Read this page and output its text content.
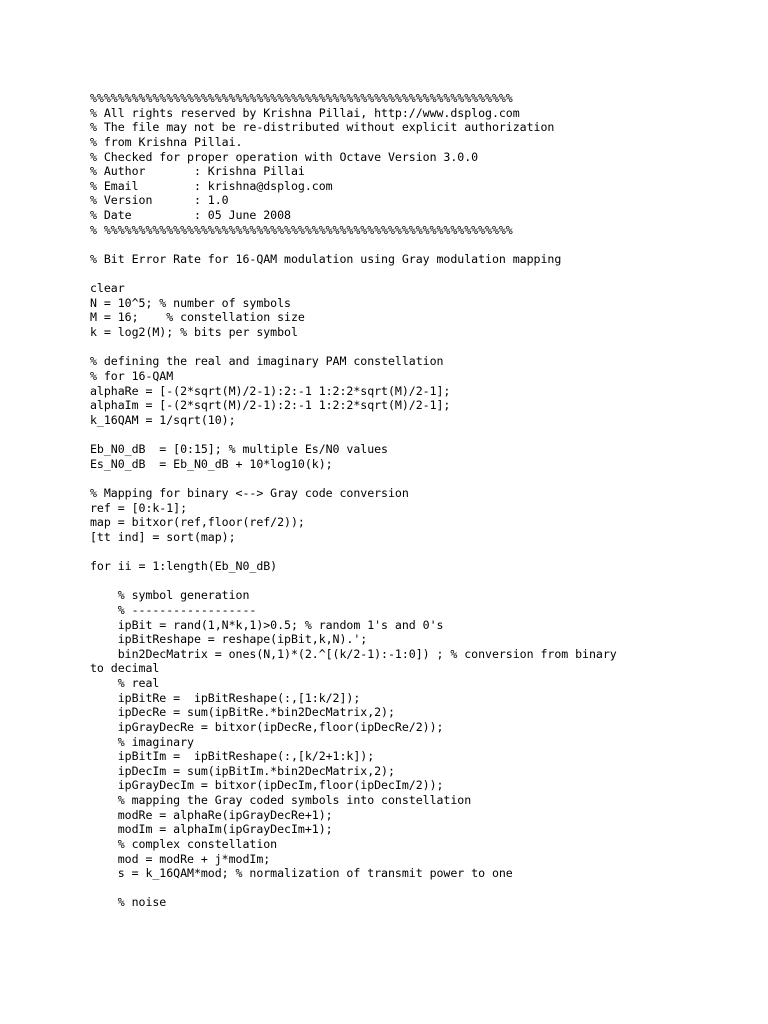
%%%%%%%%%%%%%%%%%%%%%%%%%%%%%%%%%%%%%%%%%%%%%%%%%%%%%%%%%%%%%
% All rights reserved by Krishna Pillai, http://www.dsplog.com
% The file may not be re-distributed without explicit authorization
% from Krishna Pillai.
% Checked for proper operation with Octave Version 3.0.0
% Author       : Krishna Pillai
% Email        : krishna@dsplog.com
% Version      : 1.0
% Date         : 05 June 2008
% %%%%%%%%%%%%%%%%%%%%%%%%%%%%%%%%%%%%%%%%%%%%%%%%%%%%%%%%%%%
% Bit Error Rate for 16-QAM modulation using Gray modulation mapping
clear
N = 10^5; % number of symbols
M = 16;    % constellation size
k = log2(M); % bits per symbol
% defining the real and imaginary PAM constellation
% for 16-QAM
alphaRe = [-(2*sqrt(M)/2-1):2:-1 1:2:2*sqrt(M)/2-1];
alphaIm = [-(2*sqrt(M)/2-1):2:-1 1:2:2*sqrt(M)/2-1];
k_16QAM = 1/sqrt(10);
Eb_N0_dB  = [0:15]; % multiple Es/N0 values
Es_N0_dB  = Eb_N0_dB + 10*log10(k);
% Mapping for binary <--> Gray code conversion
ref = [0:k-1];
map = bitxor(ref,floor(ref/2));
[tt ind] = sort(map);
for ii = 1:length(Eb_N0_dB)
% symbol generation
% ------------------
ipBit = rand(1,N*k,1)>0.5; % random 1's and 0's
ipBitReshape = reshape(ipBit,k,N).';
bin2DecMatrix = ones(N,1)*(2.^[(k/2-1):-1:0]) ; % conversion from binary
to decimal
% real
ipBitRe =  ipBitReshape(:,[1:k/2]);
ipDecRe = sum(ipBitRe.*bin2DecMatrix,2);
ipGrayDecRe = bitxor(ipDecRe,floor(ipDecRe/2));
% imaginary
ipBitIm =  ipBitReshape(:,[k/2+1:k]);
ipDecIm = sum(ipBitIm.*bin2DecMatrix,2);
ipGrayDecIm = bitxor(ipDecIm,floor(ipDecIm/2));
% mapping the Gray coded symbols into constellation
modRe = alphaRe(ipGrayDecRe+1);
modIm = alphaIm(ipGrayDecIm+1);
% complex constellation
mod = modRe + j*modIm;
s = k_16QAM*mod; % normalization of transmit power to one
% noise
